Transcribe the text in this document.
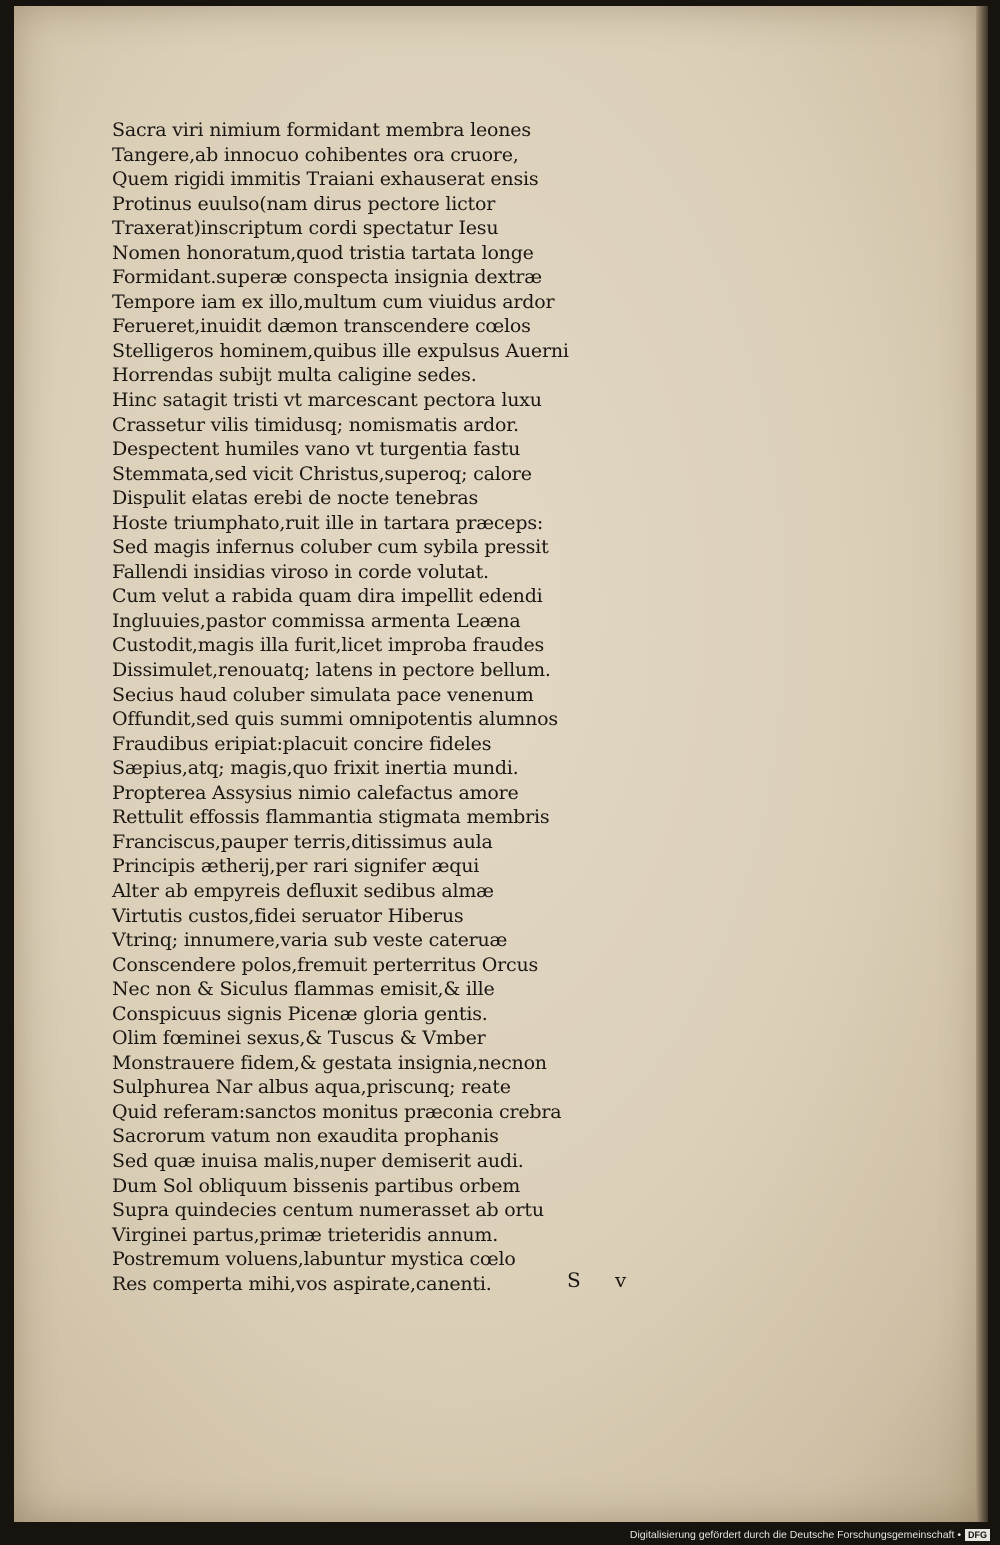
Sacra viri nimium formidant membra leones
Tangere,ab innocuo cohibentes ora cruore,
Quem rigidi immitis Traiani exhauserat ensis
Protinus euulso(nam dirus pectore lictor
Traxerat)inscriptum cordi spectatur Iesu
Nomen honoratum,quod tristia tartata longe
Formidant.superæ conspecta insignia dextræ
Tempore iam ex illo,multum cum viuidus ardor
Ferueret,inuidit dæmon transcendere cœlos
Stelligeros hominem,quibus ille expulsus Auerni
Horrendas subijt multa caligine sedes.
Hinc satagit tristi vt marcescant pectora luxu
Crassetur vilis timidusq; nomismatis ardor.
Despectent humiles vano vt turgentia fastu
Stemmata,sed vicit Christus,superoq; calore
Dispulit elatas erebi de nocte tenebras
Hoste triumphato,ruit ille in tartara præceps:
Sed magis infernus coluber cum sybila pressit
Fallendi insidias viroso in corde volutat.
Cum velut a rabida quam dira impellit edendi
Ingluuies,pastor commissa armenta Leæna
Custodit,magis illa furit,licet improba fraudes
Dissimulet,renouatq; latens in pectore bellum.
Secius haud coluber simulata pace venenum
Offundit,sed quis summi omnipotentis alumnos
Fraudibus eripiat:placuit concire fideles
Sæpius,atq; magis,quo frixit inertia mundi.
Propterea Assysius nimio calefactus amore
Rettulit effossis flammantia stigmata membris
Franciscus,pauper terris,ditissimus aula
Principis ætherij,per rari signifer æqui
Alter ab empyreis defluxit sedibus almæ
Virtutis custos,fidei seruator Hiberus
Vtrinq; innumere,varia sub veste cateruæ
Conscendere polos,fremuit perterritus Orcus
Nec non & Siculus flammas emisit,& ille
Conspicuus signis Picenæ gloria gentis.
Olim fœminei sexus,& Tuscus & Vmber
Monstrauere fidem,& gestata insignia,necnon
Sulphurea Nar albus aqua,priscunq; reate
Quid referam:sanctos monitus præconia crebra
Sacrorum vatum non exaudita prophanis
Sed quæ inuisa malis,nuper demiserit audi.
Dum Sol obliquum bissenis partibus orbem
Supra quindecies centum numerasset ab ortu
Virginei partus,primæ trieteridis annum.
Postremum voluens,labuntur mystica cœlo
Res comperta mihi,vos aspirate,canenti.	S v
Digitalisierung gefördert durch die Deutsche Forschungsgemeinschaft • DFG
